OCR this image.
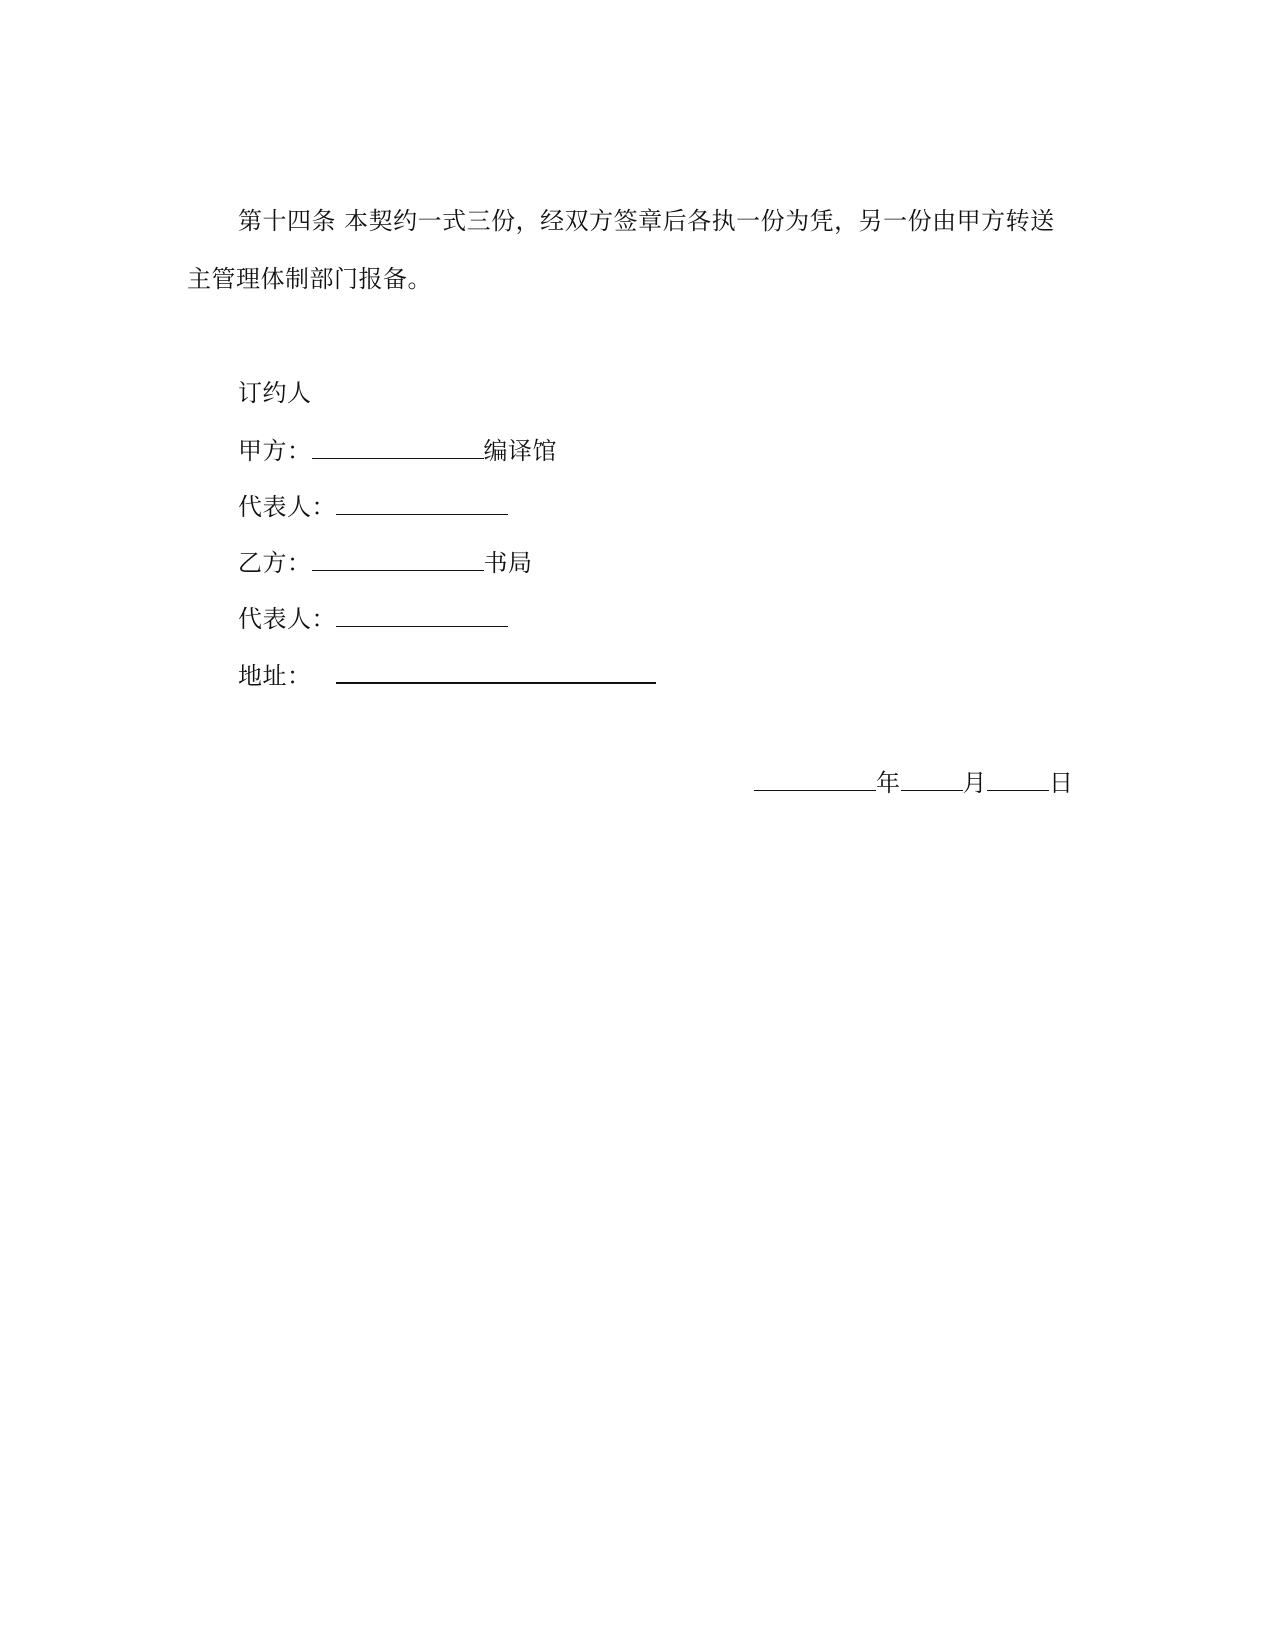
第十四条 本契约一式三份，经双方签章后各执一份为凭，另一份由甲方转送
主管理体制部门报备。
订约人
甲方：	编译馆
代表人：
乙方：	书局
代表人：
地址：
年	月	日
